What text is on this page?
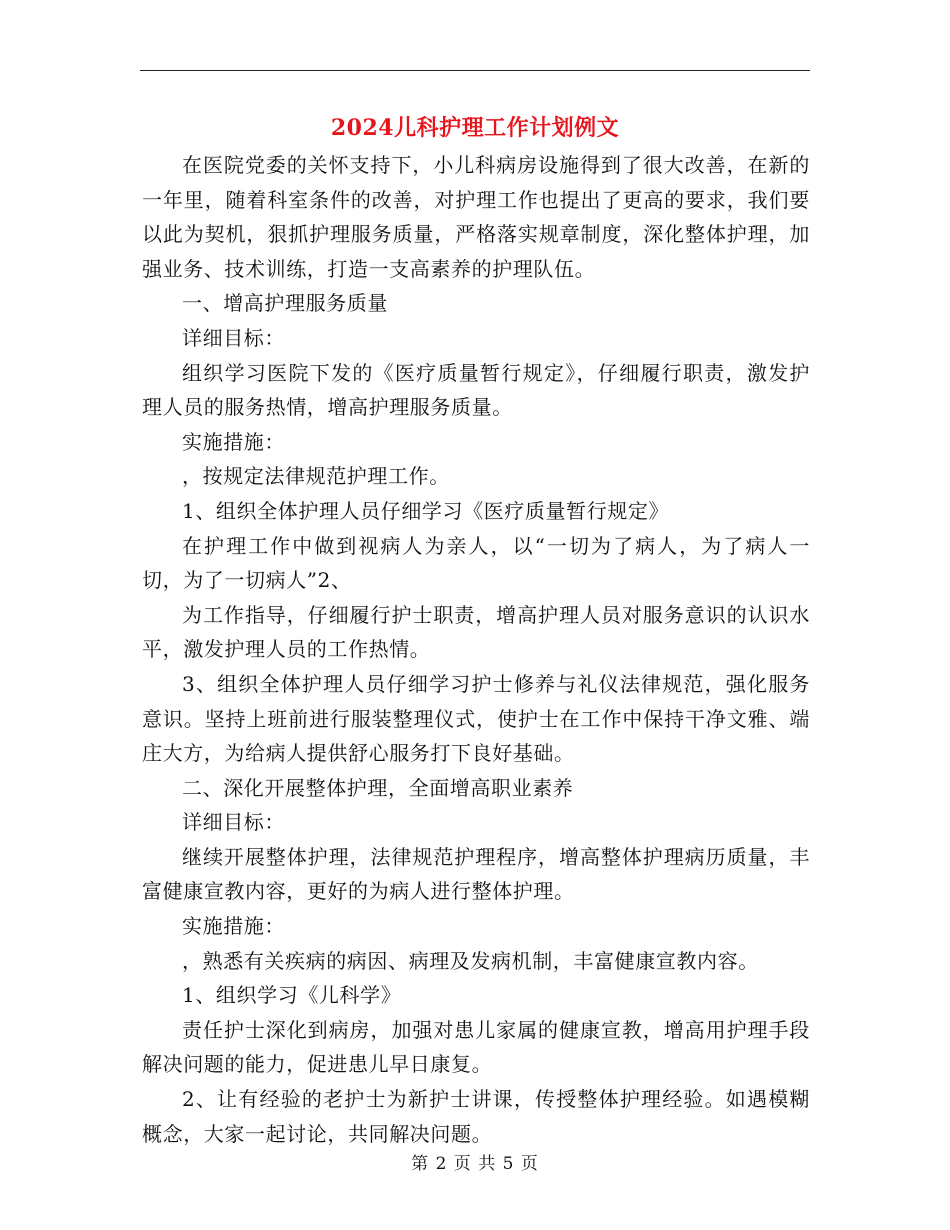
2024儿科护理工作计划例文

在医院党委的关怀支持下，小儿科病房设施得到了很大改善，在新的一年里，随着科室条件的改善，对护理工作也提出了更高的要求，我们要以此为契机，狠抓护理服务质量，严格落实规章制度，深化整体护理，加强业务、技术训练，打造一支高素养的护理队伍。

一、增高护理服务质量

详细目标：

组织学习医院下发的《医疗质量暂行规定》，仔细履行职责，激发护理人员的服务热情，增高护理服务质量。

实施措施：

，按规定法律规范护理工作。

1、组织全体护理人员仔细学习《医疗质量暂行规定》

在护理工作中做到视病人为亲人，以“一切为了病人，为了病人一切，为了一切病人”2、

为工作指导，仔细履行护士职责，增高护理人员对服务意识的认识水平，激发护理人员的工作热情。

3、组织全体护理人员仔细学习护士修养与礼仪法律规范，强化服务意识。坚持上班前进行服装整理仪式，使护士在工作中保持干净文雅、端庄大方，为给病人提供舒心服务打下良好基础。

二、深化开展整体护理，全面增高职业素养

详细目标：

继续开展整体护理，法律规范护理程序，增高整体护理病历质量，丰富健康宣教内容，更好的为病人进行整体护理。

实施措施：

，熟悉有关疾病的病因、病理及发病机制，丰富健康宣教内容。

1、组织学习《儿科学》

责任护士深化到病房，加强对患儿家属的健康宣教，增高用护理手段解决问题的能力，促进患儿早日康复。

2、让有经验的老护士为新护士讲课，传授整体护理经验。如遇模糊概念，大家一起讨论，共同解决问题。

第 2 页 共 5 页
